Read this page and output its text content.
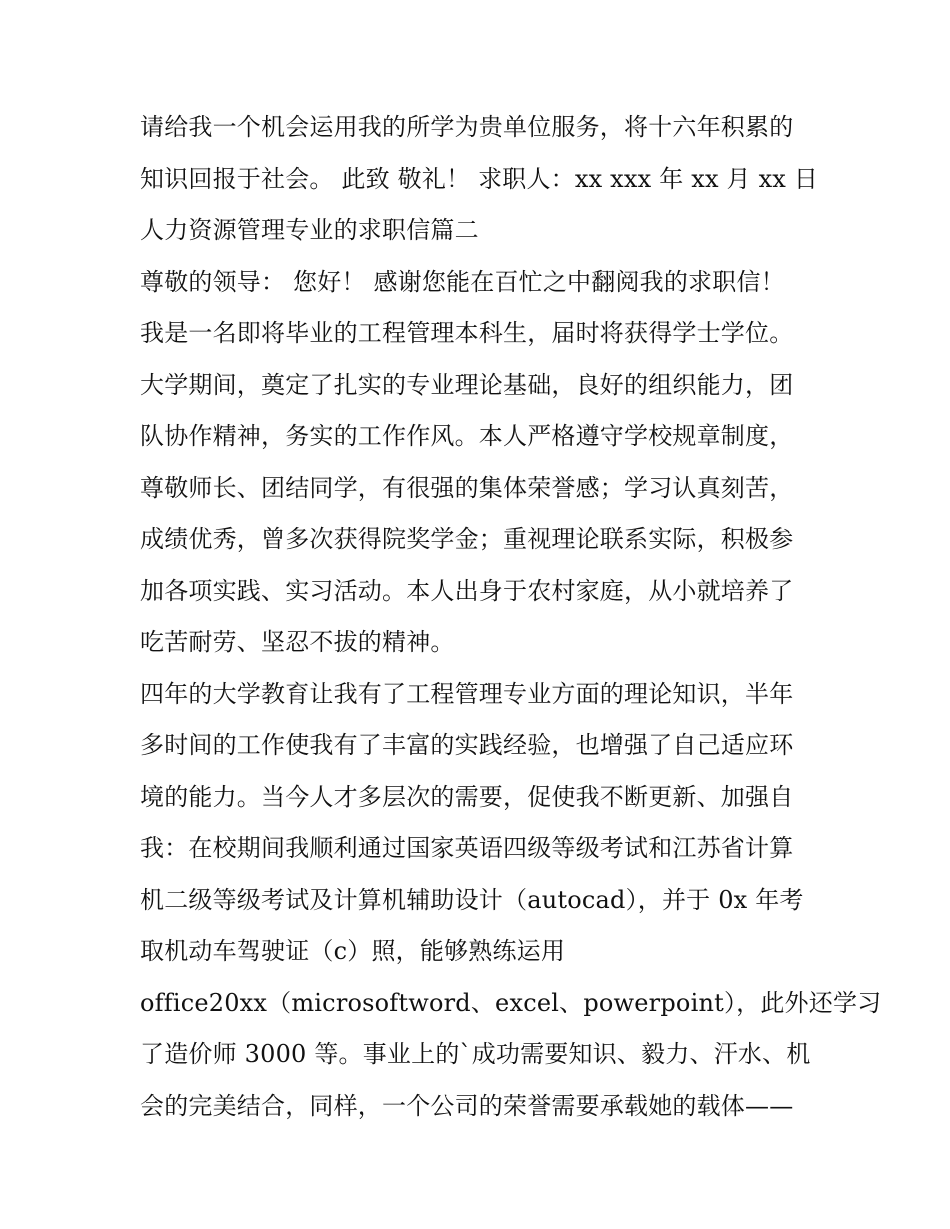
请给我一个机会运用我的所学为贵单位服务，将十六年积累的
知识回报于社会。 此致 敬礼！ 求职人：xx xxx 年 xx 月 xx 日
人力资源管理专业的求职信篇二
尊敬的领导： 您好！ 感谢您能在百忙之中翻阅我的求职信！
我是一名即将毕业的工程管理本科生，届时将获得学士学位。
大学期间，奠定了扎实的专业理论基础，良好的组织能力，团
队协作精神，务实的工作作风。本人严格遵守学校规章制度，
尊敬师长、团结同学，有很强的集体荣誉感；学习认真刻苦，
成绩优秀，曾多次获得院奖学金；重视理论联系实际，积极参
加各项实践、实习活动。本人出身于农村家庭，从小就培养了
吃苦耐劳、坚忍不拔的精神。
四年的大学教育让我有了工程管理专业方面的理论知识，半年
多时间的工作使我有了丰富的实践经验，也增强了自己适应环
境的能力。当今人才多层次的需要，促使我不断更新、加强自
我：在校期间我顺利通过国家英语四级等级考试和江苏省计算
机二级等级考试及计算机辅助设计（autocad），并于 0x 年考
取机动车驾驶证（c）照，能够熟练运用
office20xx（microsoftword、excel、powerpoint），此外还学习
了造价师 3000 等。事业上的`成功需要知识、毅力、汗水、机
会的完美结合，同样，一个公司的荣誉需要承载她的载体——
